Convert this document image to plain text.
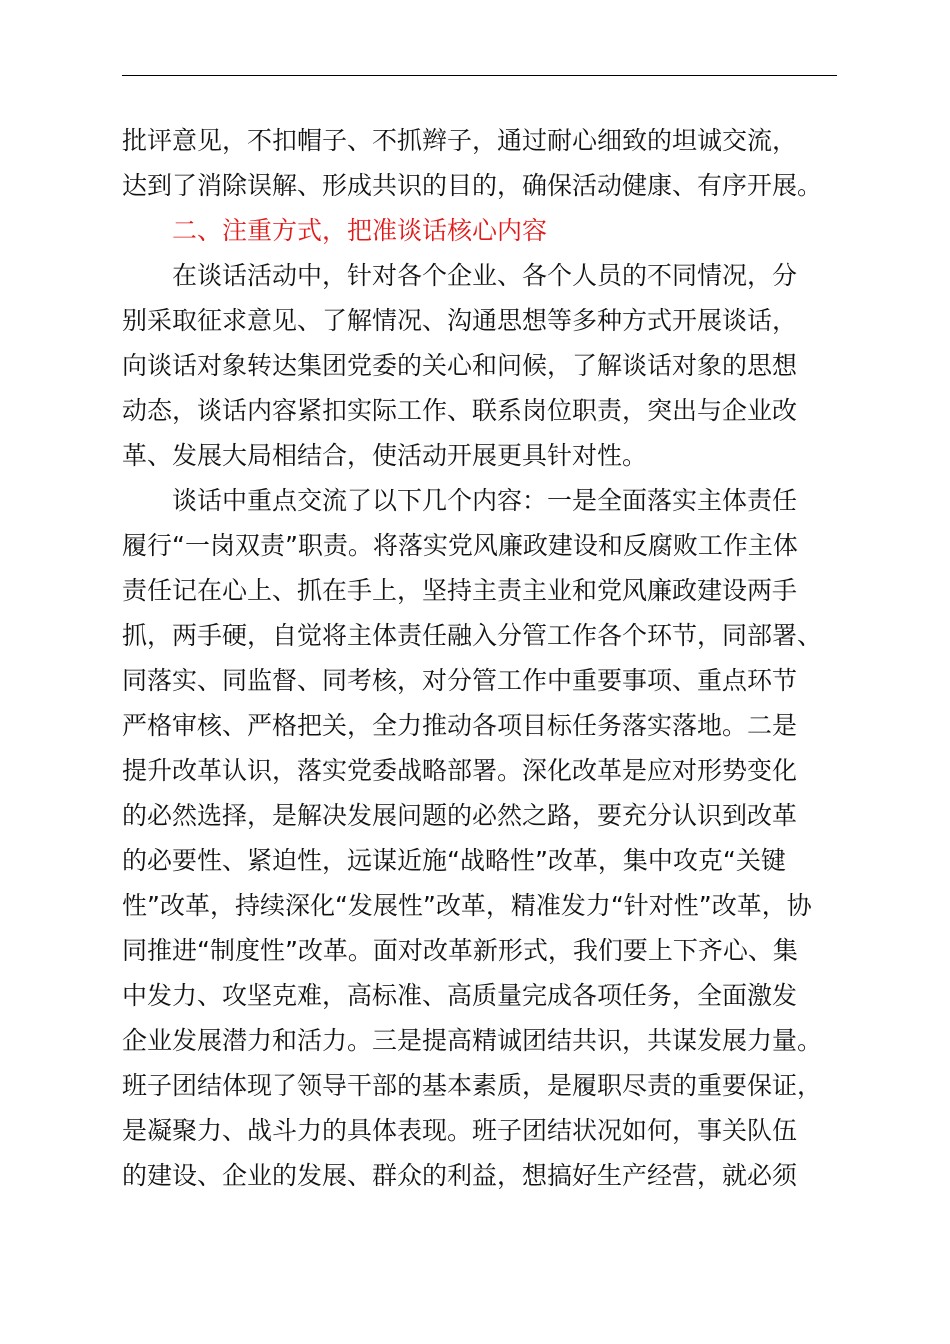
批评意见，不扣帽子、不抓辫子，通过耐心细致的坦诚交流，
达到了消除误解、形成共识的目的，确保活动健康、有序开展。
二、注重方式，把准谈话核心内容
在谈话活动中，针对各个企业、各个人员的不同情况，分
别采取征求意见、了解情况、沟通思想等多种方式开展谈话，
向谈话对象转达集团党委的关心和问候，了解谈话对象的思想
动态，谈话内容紧扣实际工作、联系岗位职责，突出与企业改
革、发展大局相结合，使活动开展更具针对性。
谈话中重点交流了以下几个内容：一是全面落实主体责任
履行“一岗双责”职责。将落实党风廉政建设和反腐败工作主体
责任记在心上、抓在手上，坚持主责主业和党风廉政建设两手
抓，两手硬，自觉将主体责任融入分管工作各个环节，同部署、
同落实、同监督、同考核，对分管工作中重要事项、重点环节
严格审核、严格把关，全力推动各项目标任务落实落地。二是
提升改革认识，落实党委战略部署。深化改革是应对形势变化
的必然选择，是解决发展问题的必然之路，要充分认识到改革
的必要性、紧迫性，远谋近施“战略性”改革，集中攻克“关键
性”改革，持续深化“发展性”改革，精准发力“针对性”改革，协
同推进“制度性”改革。面对改革新形式，我们要上下齐心、集
中发力、攻坚克难，高标准、高质量完成各项任务，全面激发
企业发展潜力和活力。三是提高精诚团结共识，共谋发展力量。
班子团结体现了领导干部的基本素质，是履职尽责的重要保证，
是凝聚力、战斗力的具体表现。班子团结状况如何，事关队伍
的建设、企业的发展、群众的利益，想搞好生产经营，就必须
